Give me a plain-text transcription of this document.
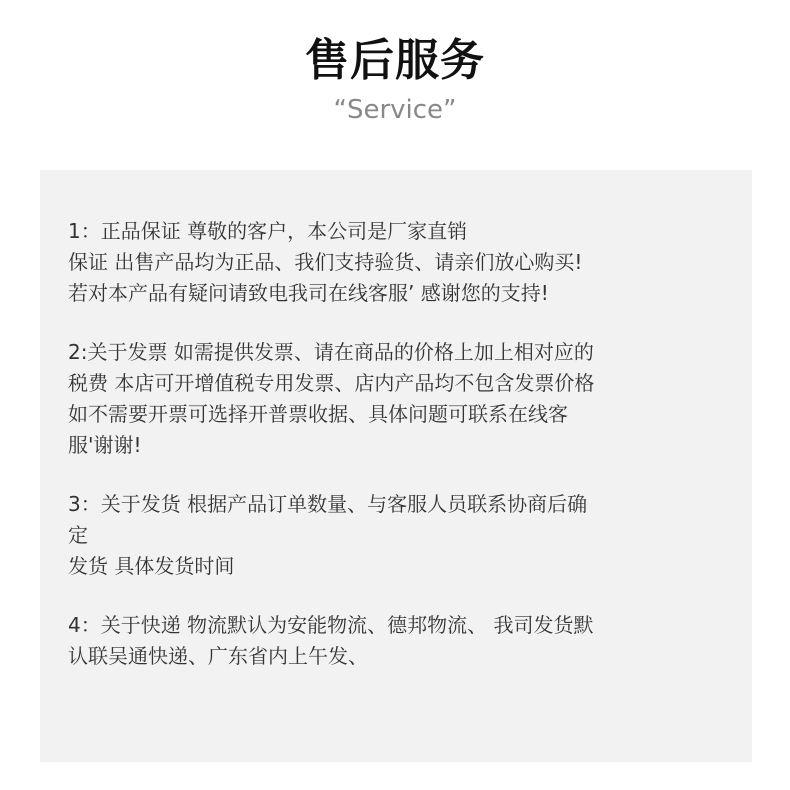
售后服务
“Service”
1：正品保证 尊敬的客户，本公司是厂家直销
保证 出售产品均为正品、我们支持验货、请亲们放心购买!
若对本产品有疑问请致电我司在线客服’ 感谢您的支持!
2:关于发票 如需提供发票、请在商品的价格上加上相对应的
税费 本店可开增值税专用发票、店内产品均不包含发票价格
如不需要开票可选择开普票收据、具体问题可联系在线客
服'谢谢!
3：关于发货 根据产品订单数量、与客服人员联系协商后确
定
发货 具体发货时间
4：关于快递 物流默认为安能物流、德邦物流、 我司发货默
认联吴通快递、广东省内上午发、
